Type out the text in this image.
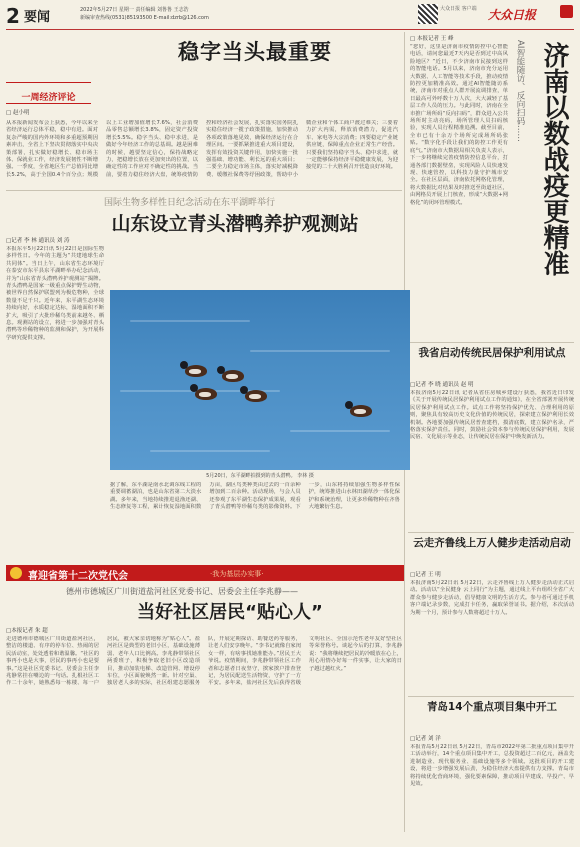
2 要闻	2022年5月27日 星期一 责任编辑 刘鲁鲁 王志浩
新编审查热线(0531)85193500 E-mail:dzrb@126.com
大众日报 客户端 大众日报
稳字当头最重要
一周经济评论
□ 赵小明
从本报新闻发布会上获悉，今年以来全省经济运行总体平稳，稳中有进。面对复杂严峻的国内外环境和多重超预期因素冲击，全省上下坚决贯彻落实中央决策部署，扎实做好稳增长、稳市场主体、保就业工作，经济发展韧性不断增强。一季度，全省地区生产总值同比增长5.2%，高于全国0.4个百分点；规模以上工业增加值增长7.6%，社会消费品零售总额增长3.8%，固定资产投资增长5.5%。稳字当头、稳中求进，是做好今年经济工作的总基调。越是困难的时候，越要坚定信心，保持战略定力，把稳增长放在更加突出的位置，以确定性的工作应对不确定性的挑战。当前，要着力稳住经济大盘，统筹疫情防控和经济社会发展，扎实落实国务院扎实稳住经济一揽子政策措施，加快推动各项政策落地见效，确保经济运行在合理区间。一要抓紧推进重大项目建设，发挥有效投资关键作用，加快实施一批强基础、增功能、利长远的重大项目；二要全力稳定市场主体，落实好减税降费、缓缴社保费等纾困政策，帮助中小微企业和个体工商户渡过难关；三要着力扩大内需，释放消费潜力，促进汽车、家电等大宗消费；四要稳定产业链供应链，保障重点企业正常生产经营。只要我们坚持稳字当头、稳中求进，就一定能够保持经济平稳健康发展，为迎接党的二十大胜利召开营造良好环境。
□ 本报记者 王 峰
AI智能随访、反向扫码…… 济南以数战疫更精准
“您好，这里是济南市疫情防控中心智能电话，请问您最近7天内是否到过中高风险地区？”近日，不少济南市民接到这样的智能电话。5月以来，济南市充分运用大数据、人工智能等技术手段，推动疫情防控更加精准高效。通过AI智能随访系统，济南市对重点人群开展流调排查，单日最高可外呼数十万人次，大大减轻了基层工作人员的压力。与此同时，济南在全市推广场所码“反向扫码”，群众进入公共场所时主动亮码，场所管理人员扫码核验，实现人员行程精准追溯。截至目前，全市已有十余万个场所完成场所码张贴。“数字化手段让我们的防控工作更有底气。”济南市大数据局相关负责人表示，下一步将继续完善疫情防控信息平台，打通各部门数据壁垒，实现风险人员快速发现、快速管控，以科技力量守护城市安全。在社区层面，济南依托网格化管理，将大数据比对结果及时推送至街道社区，由网格员开展上门核查，形成“大数据+网格化”的闭环管理模式。
国际生物多样性日纪念活动在东平湖畔举行
山东设立青头潜鸭养护观测站
□记者 李 林 通讯员 刘 涛
本报东平5月22日讯 5月22日是国际生物多样性日。今年的主题为“共建地球生命共同体”。当日上午，山东省生态环境厅在泰安市东平县东平湖畔举办纪念活动，并为“山东省青头潜鸭养护观测站”揭牌。青头潜鸭是国家一级重点保护野生动物，被世界自然保护联盟列为极危物种，全球数量不足千只。近年来，东平湖生态环境持续向好，水质稳定达标，湿地面积不断扩大，吸引了大批珍稀鸟类前来越冬、栖息。观测站的设立，将进一步加强对青头潜鸭等珍稀物种的监测和保护，为开展科学研究提供支撑。
5月20日，东平湖畔拍摄到的青头潜鸭。 李林 摄
据了解，东平湖是南水北调东线工程的重要调蓄湖泊，也是山东省第二大淡水湖。多年来，当地持续推进退渔还湖、生态修复等工程，累计恢复湿地面积数万亩，湖区鸟类种类由过去的一百余种增加到二百余种。活动现场，与会人员还参观了东平湖生态保护成果展，观看了青头潜鸭等珍稀鸟类的影像资料。下一步，山东将持续加强生物多样性保护，统筹推进山水林田湖草沙一体化保护和系统治理，让更多珍稀物种在齐鲁大地繁衍生息。
喜迎省第十二次党代会	·我为基层办实事·
德州市德城区广川街道盐河社区党委书记、居委会主任李兆静——
当好社区居民“贴心人”
□本报记者 朱 超
走进德州市德城区广川街道盐河社区，整洁的楼道、有序的停车位、热闹的居民活动室，处处透着和谐温馨。“社区的事再小也是大事，居民的事再小也是要事。”这是社区党委书记、居委会主任李兆静常挂在嘴边的一句话。扎根社区工作二十余年，她熟悉每一栋楼、每一户居民，被大家亲切地称为“贴心人”。盐河社区是典型的老旧小区，基础设施薄弱、老年人口比例高。李兆静带领社区两委班子，积极争取老旧小区改造项目，推动加装电梯、改造管网、增设停车位，小区面貌焕然一新。针对空巢、独居老人多的实际，社区组建志愿服务队，开展定期探访、助餐送药等服务，让老人们安享晚年。“李书记就像自家闺女一样，有啥事找她准能办。”居民王大爷说。疫情期间，李兆静带领社区工作者和志愿者日夜坚守，挨家挨户排查登记，为居民配送生活物资，守护了一方平安。多年来，盐河社区先后获得省级文明社区、全国示范性老年友好型社区等荣誉称号。谈起今后的打算，李兆静说：“我将继续把居民的冷暖放在心上，用心用情办好每一件实事，让大家的日子越过越红火。”
我省启动传统民居保护利用试点
□记者 李 晓 通讯员 赵 明
本报济南5月22日讯 记者从省住房城乡建设厅获悉，我省近日印发《关于开展传统民居保护利用试点工作的通知》，在全省部署开展传统民居保护利用试点工作。试点工作将坚持保护优先、合理利用的原则，聚焦具有较高历史文化价值的传统民居，探索建立保护利用长效机制。各地要加强传统民居普查建档，摸清底数，建立保护名录，严格落实保护责任。同时，鼓励社会资本参与传统民居保护利用，发展民宿、文化展示等业态，让传统民居在保护中焕发新活力。
云走齐鲁线上万人健步走活动启动
□记者 王 明
本报济南5月22日讯 5月22日，云走齐鲁线上万人健步走活动正式启动。活动以“全民健身 云上同行”为主题，通过线上平台组织全省广大群众参与健步走活动，倡导健康文明的生活方式。参与者可通过手机客户端记录步数，完成打卡任务，赢取荣誉证书。据介绍，本次活动为期一个月，预计参与人数将超过十万人。
青岛14个重点项目集中开工
□记者 刘 洋
本报青岛5月22日讯 5月22日，青岛市2022年第二批重点项目集中开工活动举行，14个重点项目集中开工，总投资超过二百亿元，涵盖先进制造业、现代服务业、基础设施等多个领域。这批项目的开工建设，将进一步增强发展后劲，为稳住经济大盘提供有力支撑。青岛市将持续优化营商环境，强化要素保障，推动项目早建成、早投产、早见效。
